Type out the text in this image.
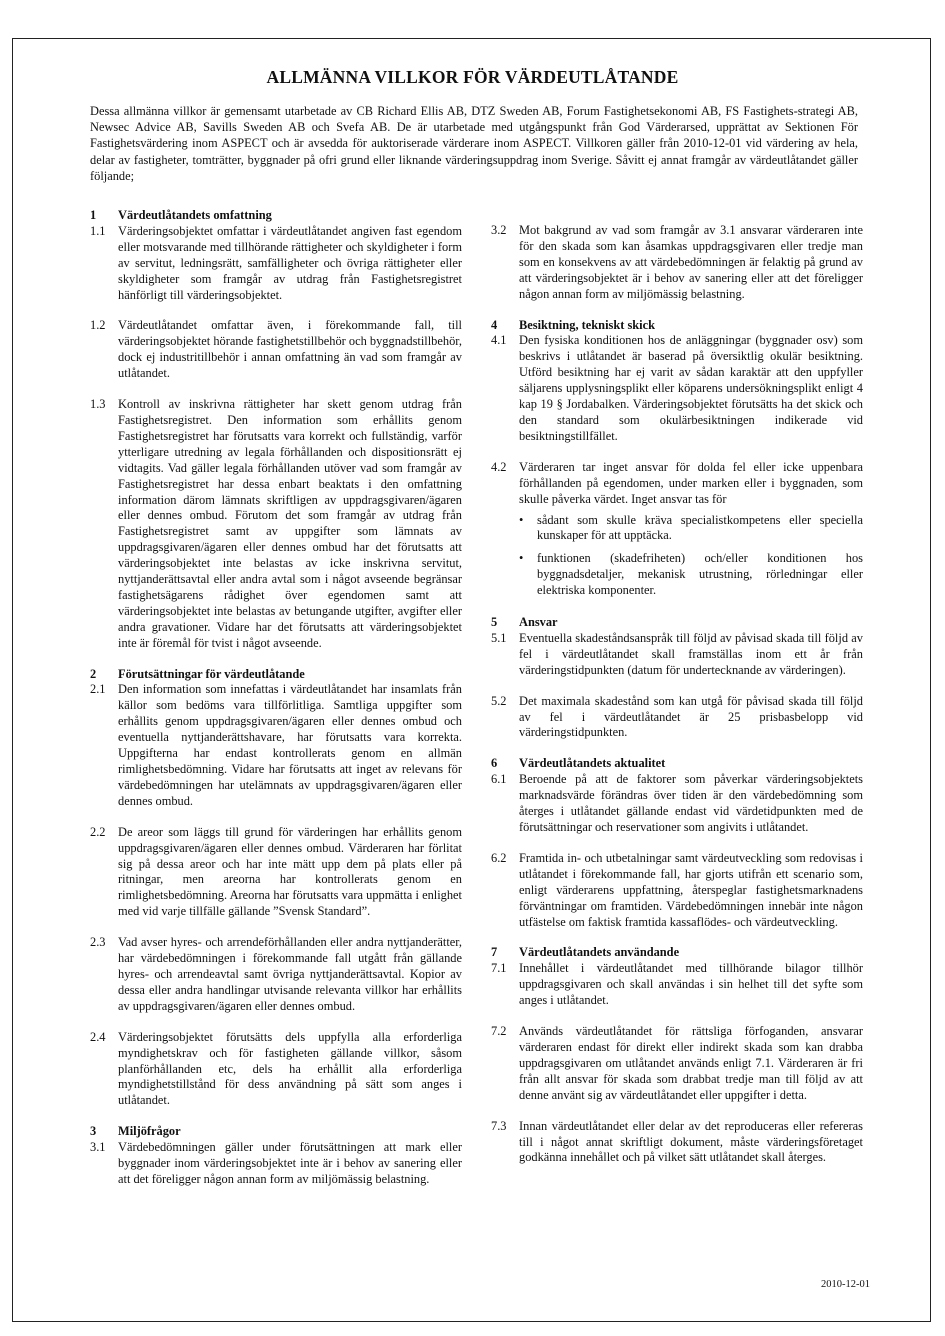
ALLMÄNNA VILLKOR FÖR VÄRDEUTLÅTANDE
Dessa allmänna villkor är gemensamt utarbetade av CB Richard Ellis AB, DTZ Sweden AB, Forum Fastighetsekonomi AB, FS Fastighets-strategi AB, Newsec Advice AB, Savills Sweden AB och Svefa AB. De är utarbetade med utgångspunkt från God Värderarsed, upprättat av Sektionen För Fastighetsvärdering inom ASPECT och är avsedda för auktoriserade värderare inom ASPECT. Villkoren gäller från 2010-12-01 vid värdering av hela, delar av fastigheter, tomträtter, byggnader på ofri grund eller liknande värderingsuppdrag inom Sverige. Såvitt ej annat framgår av värdeutlåtandet gäller följande;
1	Värdeutlåtandets omfattning
1.1	Värderingsobjektet omfattar i värdeutlåtandet angiven fast egendom eller motsvarande med tillhörande rättigheter och skyldigheter i form av servitut, ledningsrätt, samfälligheter och övriga rättigheter eller skyldigheter som framgår av utdrag från Fastighetsregistret hänförligt till värderingsobjektet.
1.2	Värdeutlåtandet omfattar även, i förekommande fall, till värderingsobjektet hörande fastighetstillbehör och byggnadstillbehör, dock ej industritillbehör i annan omfattning än vad som framgår av utlåtandet.
1.3	Kontroll av inskrivna rättigheter har skett genom utdrag från Fastighetsregistret. Den information som erhållits genom Fastighetsregistret har förutsatts vara korrekt och fullständig, varför ytterligare utredning av legala förhållanden och dispositionsrätt ej vidtagits. Vad gäller legala förhållanden utöver vad som framgår av Fastighetsregistret har dessa enbart beaktats i den omfattning information därom lämnats skriftligen av uppdragsgivaren/ägaren eller dennes ombud. Förutom det som framgår av utdrag från Fastighetsregistret samt av uppgifter som lämnats av uppdragsgivaren/ägaren eller dennes ombud har det förutsatts att värderingsobjektet inte belastas av icke inskrivna servitut, nyttjanderättsavtal eller andra avtal som i något avseende begränsar fastighetsägarens rådighet över egendomen samt att värderingsobjektet inte belastas av betungande utgifter, avgifter eller andra gravationer. Vidare har det förutsatts att värderingsobjektet inte är föremål för tvist i något avseende.
2	Förutsättningar för värdeutlåtande
2.1	Den information som innefattas i värdeutlåtandet har insamlats från källor som bedöms vara tillförlitliga. Samtliga uppgifter som erhållits genom uppdragsgivaren/ägaren eller dennes ombud och eventuella nyttjanderättshavare, har förutsatts vara korrekta. Uppgifterna har endast kontrollerats genom en allmän rimlighetsbedömning. Vidare har förutsatts att inget av relevans för värdebedömningen har utelämnats av uppdragsgivaren/ägaren eller dennes ombud.
2.2	De areor som läggs till grund för värderingen har erhållits genom uppdragsgivaren/ägaren eller dennes ombud. Värderaren har förlitat sig på dessa areor och har inte mätt upp dem på plats eller på ritningar, men areorna har kontrollerats genom en rimlighetsbedömning. Areorna har förutsatts vara uppmätta i enlighet med vid varje tillfälle gällande ”Svensk Standard”.
2.3	Vad avser hyres- och arrendeförhållanden eller andra nyttjanderätter, har värdebedömningen i förekommande fall utgått från gällande hyres- och arrendeavtal samt övriga nyttjanderättsavtal. Kopior av dessa eller andra handlingar utvisande relevanta villkor har erhållits av uppdragsgivaren/ägaren eller dennes ombud.
2.4	Värderingsobjektet förutsätts dels uppfylla alla erforderliga myndighetskrav och för fastigheten gällande villkor, såsom planförhållanden etc, dels ha erhållit alla erforderliga myndighetstillstånd för dess användning på sätt som anges i utlåtandet.
3	Miljöfrågor
3.1	Värdebedömningen gäller under förutsättningen att mark eller byggnader inom värderingsobjektet inte är i behov av sanering eller att det föreligger någon annan form av miljömässig belastning.
3.2	Mot bakgrund av vad som framgår av 3.1 ansvarar värderaren inte för den skada som kan åsamkas uppdragsgivaren eller tredje man som en konsekvens av att värdebedömningen är felaktig på grund av att värderingsobjektet är i behov av sanering eller att det föreligger någon annan form av miljömässig belastning.
4	Besiktning, tekniskt skick
4.1	Den fysiska konditionen hos de anläggningar (byggnader osv) som beskrivs i utlåtandet är baserad på översiktlig okulär besiktning. Utförd besiktning har ej varit av sådan karaktär att den uppfyller säljarens upplysningsplikt eller köparens undersökningsplikt enligt 4 kap 19 § Jordabalken. Värderingsobjektet förutsätts ha det skick och den standard som okulärbesiktningen indikerade vid besiktningstillfället.
4.2	Värderaren tar inget ansvar för dolda fel eller icke uppenbara förhållanden på egendomen, under marken eller i byggnaden, som skulle påverka värdet. Inget ansvar tas för
•	sådant som skulle kräva specialistkompetens eller speciella kunskaper för att upptäcka.
•	funktionen (skadefriheten) och/eller konditionen hos byggnadsdetaljer, mekanisk utrustning, rörledningar eller elektriska komponenter.
5	Ansvar
5.1	Eventuella skadeståndsanspråk till följd av påvisad skada till följd av fel i värdeutlåtandet skall framställas inom ett år från värderingstidpunkten (datum för undertecknande av värderingen).
5.2	Det maximala skadestånd som kan utgå för påvisad skada till följd av fel i värdeutlåtandet är 25 prisbasbelopp vid värderingstidpunkten.
6	Värdeutlåtandets aktualitet
6.1	Beroende på att de faktorer som påverkar värderingsobjektets marknadsvärde förändras över tiden är den värdebedömning som återges i utlåtandet gällande endast vid värdetidpunkten med de förutsättningar och reservationer som angivits i utlåtandet.
6.2	Framtida in- och utbetalningar samt värdeutveckling som redovisas i utlåtandet i förekommande fall, har gjorts utifrån ett scenario som, enligt värderarens uppfattning, återspeglar fastighetsmarknadens förväntningar om framtiden. Värdebedömningen innebär inte någon utfästelse om faktisk framtida kassaflödes- och värdeutveckling.
7	Värdeutlåtandets användande
7.1	Innehållet i värdeutlåtandet med tillhörande bilagor tillhör uppdragsgivaren och skall användas i sin helhet till det syfte som anges i utlåtandet.
7.2	Används värdeutlåtandet för rättsliga förfoganden, ansvarar värderaren endast för direkt eller indirekt skada som kan drabba uppdragsgivaren om utlåtandet används enligt 7.1. Värderaren är fri från allt ansvar för skada som drabbat tredje man till följd av att denne använt sig av värdeutlåtandet eller uppgifter i detta.
7.3	Innan värdeutlåtandet eller delar av det reproduceras eller refereras till i något annat skriftligt dokument, måste värderingsföretaget godkänna innehållet och på vilket sätt utlåtandet skall återges.
2010-12-01
